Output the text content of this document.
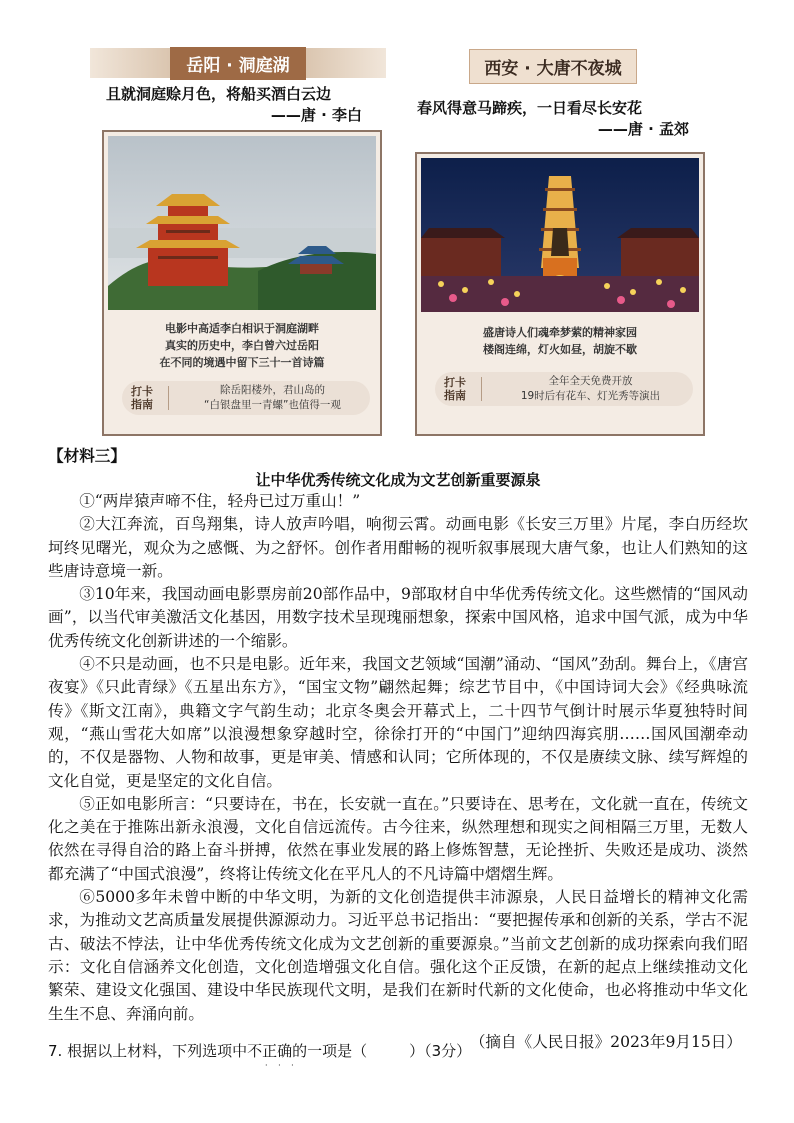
岳阳 · 洞庭湖
且就洞庭赊月色，将船买酒白云边
——唐 · 李白
电影中高适李白相识于洞庭湖畔
真实的历史中，李白曾六过岳阳
在不同的境遇中留下三十一首诗篇
打卡
指南
除岳阳楼外，君山岛的
“白银盘里一青螺”也值得一观
西安 · 大唐不夜城
春风得意马蹄疾，一日看尽长安花
——唐 · 孟郊
盛唐诗人们魂牵梦萦的精神家园
楼阁连绵，灯火如昼，胡旋不歇
打卡
指南
全年全天免费开放
19时后有花车、灯光秀等演出
【材料三】
让中华优秀传统文化成为文艺创新重要源泉

①“两岸猿声啼不住，轻舟已过万重山！”

②大江奔流，百鸟翔集，诗人放声吟唱，响彻云霄。动画电影《长安三万里》片尾，李白历经坎坷终见曙光，观众为之感慨、为之舒怀。创作者用酣畅的视听叙事展现大唐气象，也让人们熟知的这些唐诗意境一新。

③10年来，我国动画电影票房前20部作品中，9部取材自中华优秀传统文化。这些燃情的“国风动画”，以当代审美激活文化基因，用数字技术呈现瑰丽想象，探索中国风格，追求中国气派，成为中华优秀传统文化创新讲述的一个缩影。

④不只是动画，也不只是电影。近年来，我国文艺领域“国潮”涌动、“国风”劲刮。舞台上，《唐宫夜宴》《只此青绿》《五星出东方》，“国宝文物”翩然起舞；综艺节目中，《中国诗词大会》《经典咏流传》《斯文江南》，典籍文字气韵生动；北京冬奥会开幕式上，二十四节气倒计时展示华夏独特时间观，“燕山雪花大如席”以浪漫想象穿越时空，徐徐打开的“中国门”迎纳四海宾朋……国风国潮牵动的，不仅是器物、人物和故事，更是审美、情感和认同；它所体现的，不仅是赓续文脉、续写辉煌的文化自觉，更是坚定的文化自信。

⑤正如电影所言：“只要诗在，书在，长安就一直在。”只要诗在、思考在，文化就一直在，传统文化之美在于推陈出新永浪漫，文化自信远流传。古今往来，纵然理想和现实之间相隔三万里，无数人依然在寻得自洽的路上奋斗拼搏，依然在事业发展的路上修炼智慧，无论挫折、失败还是成功、淡然都充满了“中国式浪漫”，终将让传统文化在平凡人的不凡诗篇中熠熠生辉。

⑥5000多年未曾中断的中华文明，为新的文化创造提供丰沛源泉，人民日益增长的精神文化需求，为推动文艺高质量发展提供源源动力。习近平总书记指出：“要把握传承和创新的关系，学古不泥古、破法不悖法，让中华优秀传统文化成为文艺创新的重要源泉。”当前文艺创新的成功探索向我们昭示：文化自信涵养文化创造，文化创造增强文化自信。强化这个正反馈，在新的起点上继续推动文化繁荣、建设文化强国、建设中华民族现代文明，是我们在新时代新的文化使命，也必将推动中华文化生生不息、奔涌向前。

（摘自《人民日报》2023年9月15日）
7. 根据以上材料，下列选项中不正确的一项是（	）（3分）
· · ·
